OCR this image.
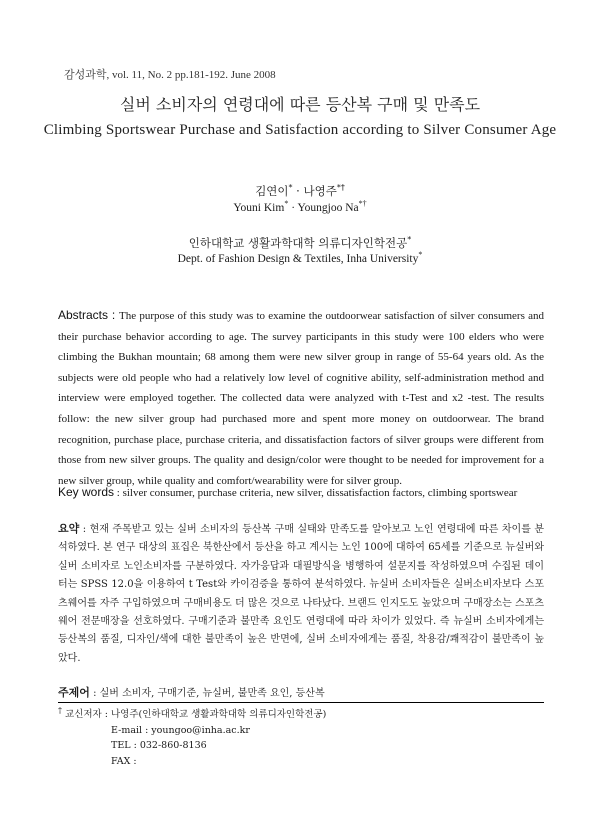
감성과학, vol. 11, No. 2 pp.181-192. June 2008
실버 소비자의 연령대에 따른 등산복 구매 및 만족도
Climbing Sportswear Purchase and Satisfaction according to Silver Consumer Age
김연이* · 나영주*†
Youni Kim* · Youngjoo Na*†
인하대학교 생활과학대학 의류디자인학전공*
Dept. of Fashion Design & Textiles, Inha University*

Abstracts : The purpose of this study was to examine the outdoorwear satisfaction of silver consumers and their purchase behavior according to age. The survey participants in this study were 100 elders who were climbing the Bukhan mountain; 68 among them were new silver group in range of 55-64 years old. As the subjects were old people who had a relatively low level of cognitive ability, self-administration method and interview were employed together. The collected data were analyzed with t-Test and x2 -test. The results follow: the new silver group had purchased more and spent more money on outdoorwear. The brand recognition, purchase place, purchase criteria, and dissatisfaction factors of silver groups were different from those from new silver groups. The quality and design/color were thought to be needed for improvement for a new silver group, while quality and comfort/wearability were for silver group.

Key words : silver consumer, purchase criteria, new silver, dissatisfaction factors, climbing sportswear

요약 : 현재 주목받고 있는 실버 소비자의 등산복 구매 실태와 만족도를 알아보고 노인 연령대에 따른 차이를 분석하였다. 본 연구 대상의 표집은 북한산에서 등산을 하고 계시는 노인 100에 대하여 65세를 기준으로 뉴실버와 실버 소비자로 노인소비자를 구분하였다. 자가응답과 대필방식을 병행하여 설문지를 작성하였으며 수집된 데이터는 SPSS 12.0을 이용하여 t Test와 카이검증을 통하여 분석하였다. 뉴실버 소비자들은 실버소비자보다 스포츠웨어를 자주 구입하였으며 구매비용도 더 많은 것으로 나타났다. 브랜드 인지도도 높았으며 구매장소는 스포츠웨어 전문매장을 선호하였다. 구매기준과 불만족 요인도 연령대에 따라 차이가 있었다. 즉 뉴실버 소비자에게는 등산복의 품질, 디자인/색에 대한 불만족이 높은 반면에, 실버 소비자에게는 품질, 착용감/쾌적감이 불만족이 높았다.

주제어 : 실버 소비자, 구매기준, 뉴실버, 불만족 요인, 등산복

† 교신저자 : 나영주(인하대학교 생활과학대학 의류디자인학전공)
E-mail : youngoo@inha.ac.kr
TEL : 032-860-8136
FAX :
